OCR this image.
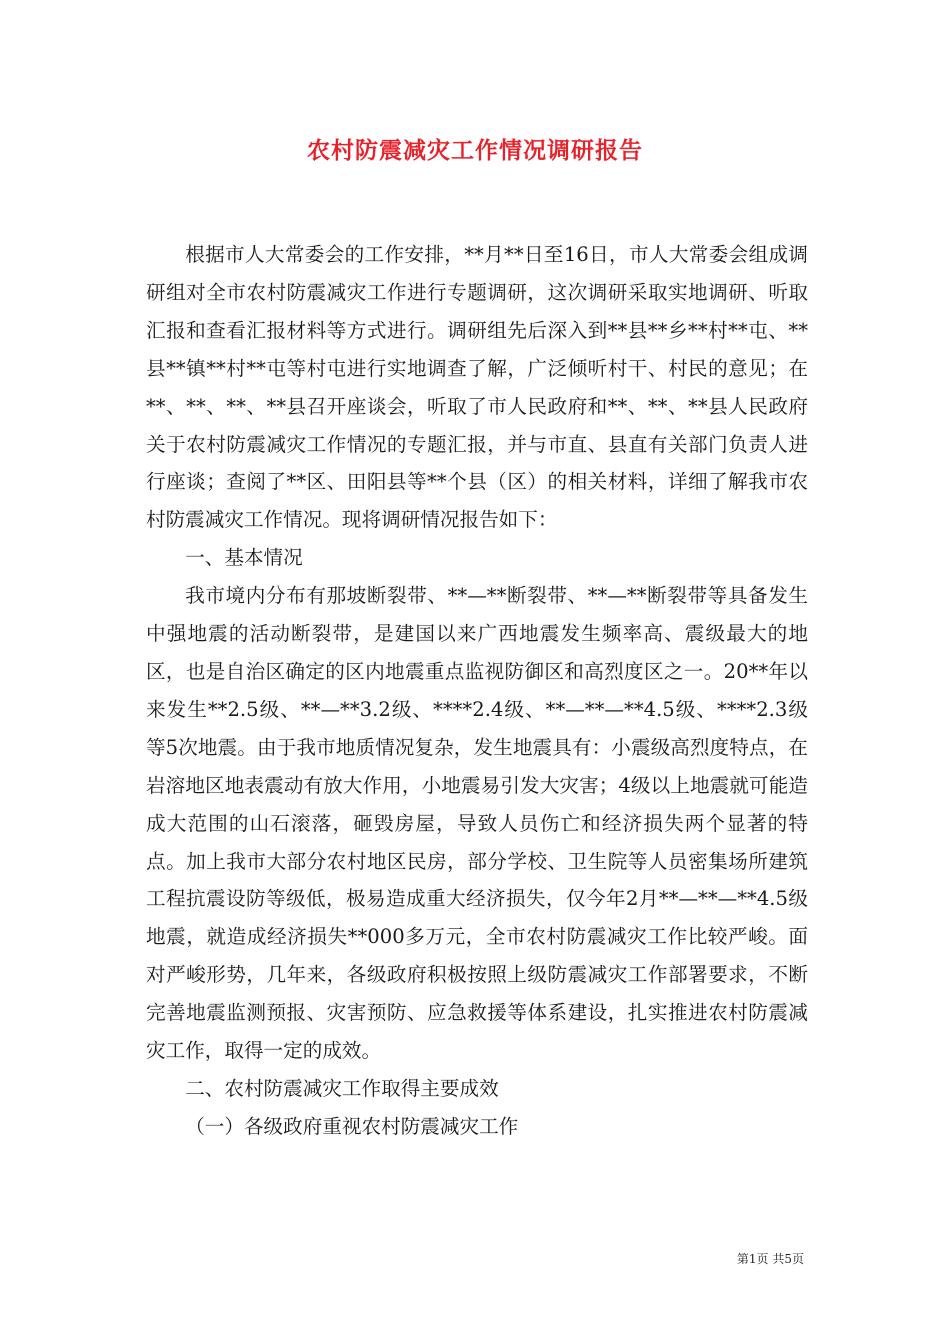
农村防震减灾工作情况调研报告

根据市人大常委会的工作安排，**月**日至16日，市人大常委会组成调研组对全市农村防震减灾工作进行专题调研，这次调研采取实地调研、听取汇报和查看汇报材料等方式进行。调研组先后深入到**县**乡**村**屯、**县**镇**村**屯等村屯进行实地调查了解，广泛倾听村干、村民的意见；在**、**、**、**县召开座谈会，听取了市人民政府和**、**、**县人民政府关于农村防震减灾工作情况的专题汇报，并与市直、县直有关部门负责人进行座谈；查阅了**区、田阳县等**个县（区）的相关材料，详细了解我市农村防震减灾工作情况。现将调研情况报告如下：

一、基本情况

我市境内分布有那坡断裂带、**—**断裂带、**—**断裂带等具备发生中强地震的活动断裂带，是建国以来广西地震发生频率高、震级最大的地区，也是自治区确定的区内地震重点监视防御区和高烈度区之一。20**年以来发生**2.5级、**—**3.2级、****2.4级、**—**—**4.5级、****2.3级等5次地震。由于我市地质情况复杂，发生地震具有：小震级高烈度特点，在岩溶地区地表震动有放大作用，小地震易引发大灾害；4级以上地震就可能造成大范围的山石滚落，砸毁房屋，导致人员伤亡和经济损失两个显著的特点。加上我市大部分农村地区民房，部分学校、卫生院等人员密集场所建筑工程抗震设防等级低，极易造成重大经济损失，仅今年2月**—**—**4.5级地震，就造成经济损失**000多万元，全市农村防震减灾工作比较严峻。面对严峻形势，几年来，各级政府积极按照上级防震减灾工作部署要求，不断完善地震监测预报、灾害预防、应急救援等体系建设，扎实推进农村防震减灾工作，取得一定的成效。

二、农村防震减灾工作取得主要成效

（一）各级政府重视农村防震减灾工作

第1页 共5页
